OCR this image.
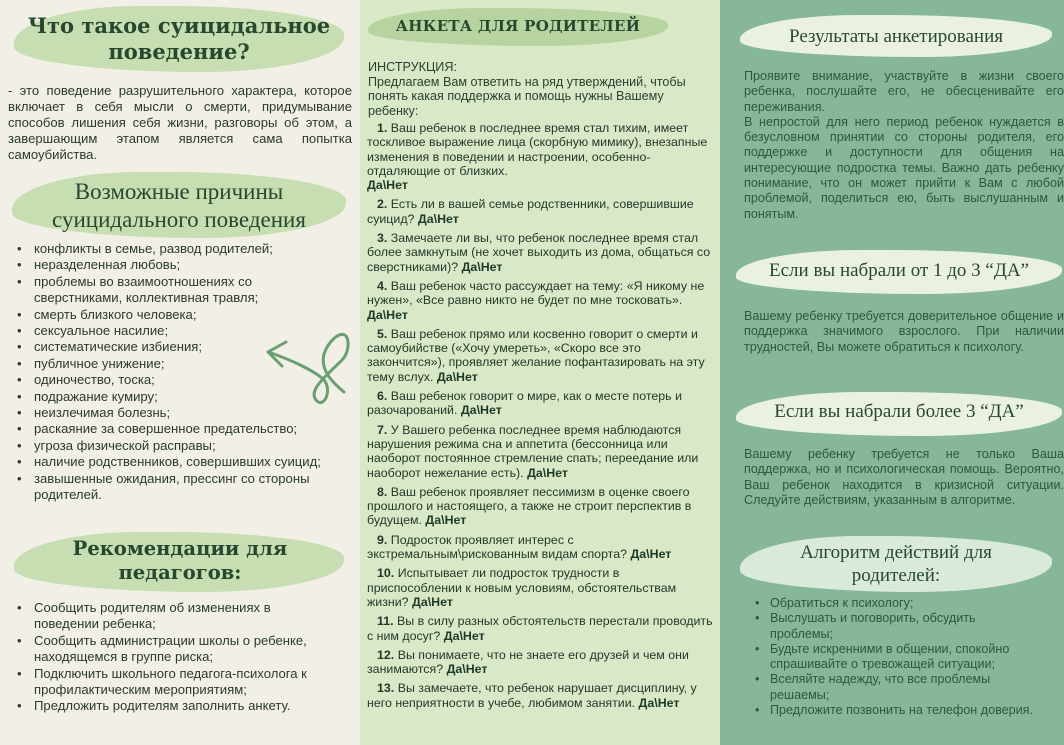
Что такое суицидальное поведение?
- это поведение разрушительного характера, которое включает в себя мысли о смерти, придумывание способов лишения себя жизни, разговоры об этом, а завершающим этапом является сама попытка самоубийства.
Возможные причины суицидального поведения
• конфликты в семье, развод родителей;
• неразделенная любовь;
• проблемы во взаимоотношениях со сверстниками, коллективная травля;
• смерть близкого человека;
• сексуальное насилие;
• систематические избиения;
• публичное унижение;
• одиночество, тоска;
• подражание кумиру;
• неизлечимая болезнь;
• раскаяние за совершенное предательство;
• угроза физической расправы;
• наличие родственников, совершивших суицид;
• завышенные ожидания, прессинг со стороны родителей.
Рекомендации для педагогов:
• Сообщить родителям об изменениях в поведении ребенка;
• Сообщить администрации школы о ребенке, находящемся в группе риска;
• Подключить школьного педагога-психолога к профилактическим мероприятиям;
• Предложить родителям заполнить анкету.
АНКЕТА ДЛЯ РОДИТЕЛЕЙ
ИНСТРУКЦИЯ:
Предлагаем Вам ответить на ряд утверждений, чтобы понять какая поддержка и помощь нужны Вашему ребенку:
1. Ваш ребенок в последнее время стал тихим, имеет тоскливое выражение лица (скорбную мимику), внезапные изменения в поведении и настроении, особенно-отдаляющие от близких.
Да\Нет
2. Есть ли в вашей семье родственники, совершившие суицид? Да\Нет
3. Замечаете ли вы, что ребенок последнее время стал более замкнутым (не хочет выходить из дома, общаться со сверстниками)? Да\Нет
4. Ваш ребенок часто рассуждает на тему: «Я никому не нужен», «Все равно никто не будет по мне тосковать». Да\Нет
5. Ваш ребенок прямо или косвенно говорит о смерти и самоубийстве («Хочу умереть», «Скоро все это закончится»), проявляет желание пофантазировать на эту тему вслух. Да\Нет
6. Ваш ребенок говорит о мире, как о месте потерь и разочарований. Да\Нет
7. У Вашего ребенка последнее время наблюдаются нарушения режима сна и аппетита (бессонница или наоборот постоянное стремление спать; переедание или наоборот нежелание есть). Да\Нет
8. Ваш ребенок проявляет пессимизм в оценке своего прошлого и настоящего, а также не строит перспектив в будущем. Да\Нет
9. Подросток проявляет интерес с экстремальным\рискованным видам спорта? Да\Нет
10. Испытывает ли подросток трудности в приспособлении к новым условиям, обстоятельствам жизни? Да\Нет
11. Вы в силу разных обстоятельств перестали проводить с ним досуг? Да\Нет
12. Вы понимаете, что не знаете его друзей и чем они занимаются? Да\Нет
13. Вы замечаете, что ребенок нарушает дисциплину, у него неприятности в учебе, любимом занятии. Да\Нет
Результаты анкетирования
Проявите внимание, участвуйте в жизни своего ребенка, послушайте его, не обесценивайте его переживания.
В непростой для него период ребенок нуждается в безусловном принятии со стороны родителя, его поддержке и доступности для общения на интересующие подростка темы. Важно дать ребенку понимание, что он может прийти к Вам с любой проблемой, поделиться ею, быть выслушанным и понятым.
Если вы набрали от 1 до 3 “ДА”
Вашему ребенку требуется доверительное общение и поддержка значимого взрослого. При наличии трудностей, Вы можете обратиться к психологу.
Если вы набрали более 3 “ДА”
Вашему ребенку требуется не только Ваша поддержка, но и психологическая помощь. Вероятно, Ваш ребенок находится в кризисной ситуации. Следуйте действиям, указанным в алгоритме.
Алгоритм действий для родителей:
• Обратиться к психологу;
• Выслушать и поговорить, обсудить проблемы;
• Будьте искренними в общении, спокойно спрашивайте о тревожащей ситуации;
• Вселяйте надежду, что все проблемы решаемы;
• Предложите позвонить на телефон доверия.
